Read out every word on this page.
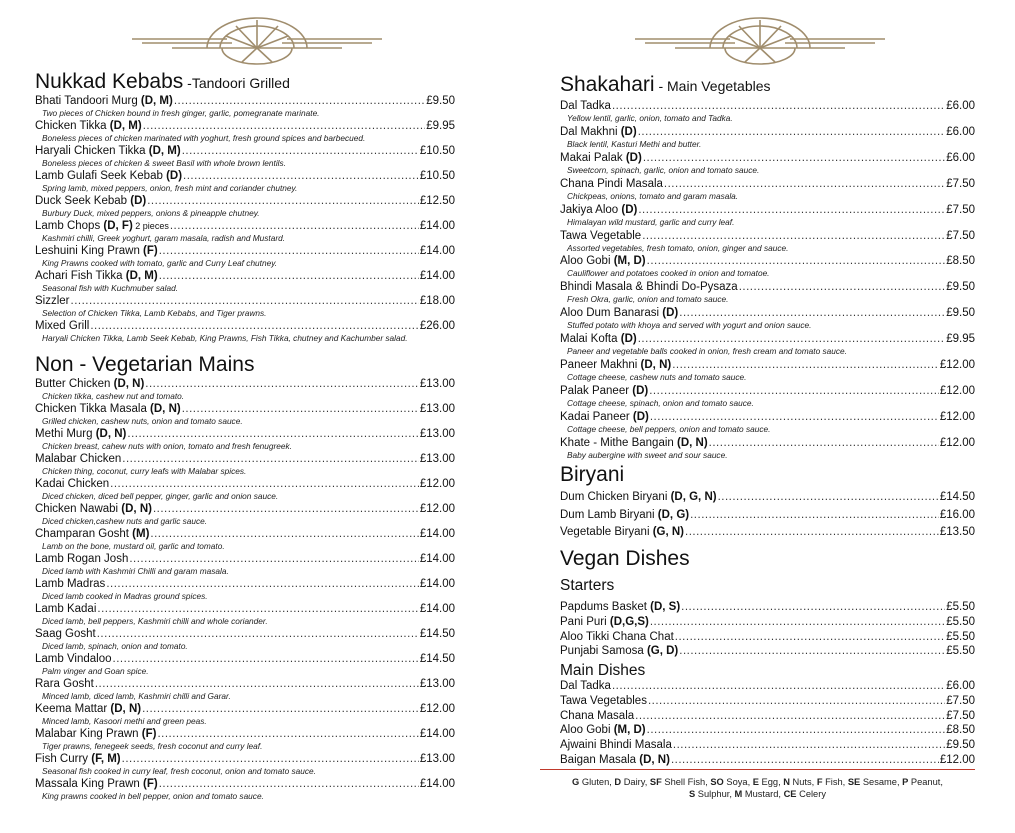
Nukkad Kebabs -Tandoori Grilled
Bhati Tandoori Murg (D, M) .....	£9.50
Two pieces of Chicken bound in fresh ginger, garlic, pomegranate marinate.
Chicken Tikka (D, M) .....	£9.95
Boneless pieces of chicken marinated with yoghurt, fresh ground spices and barbecued.
Haryali Chicken Tikka (D, M) .....	£10.50
Boneless pieces of chicken & sweet Basil with whole brown lentils.
Lamb Gulafi Seek Kebab (D) .....	£10.50
Spring lamb, mixed peppers, onion, fresh mint and coriander chutney.
Duck Seek Kebab (D) .....	£12.50
Burbury Duck, mixed peppers, onions & pineapple chutney.
Lamb Chops (D, F) 2 pieces .....	£14.00
Kashmiri chilli, Greek yoghurt, garam masala, radish and Mustard.
Leshuini King Prawn (F) .....	£14.00
King Prawns cooked with tomato, garlic and Curry Leaf chutney.
Achari Fish Tikka (D, M) .....	£14.00
Seasonal fish with Kuchmuber salad.
Sizzler .....	£18.00
Selection of Chicken Tikka, Lamb Kebabs, and Tiger prawns.
Mixed Grill .....	£26.00
Haryali Chicken Tikka, Lamb Seek Kebab, King Prawns, Fish Tikka, chutney and Kachumber salad.
Non - Vegetarian Mains
Butter Chicken (D, N) .....	£13.00
Chicken tikka, cashew nut and tomato.
Chicken Tikka Masala (D, N) .....	£13.00
Grilled chicken, cashew nuts, onion and tomato sauce.
Methi Murg (D, N) .....	£13.00
Chicken breast, cahew nuts with onion, tomato and fresh fenugreek.
Malabar Chicken .....	£13.00
Chicken thing, coconut, curry leafs with Malabar spices.
Kadai Chicken .....	£12.00
Diced chicken, diced bell pepper, ginger, garlic and onion sauce.
Chicken Nawabi (D, N) .....	£12.00
Diced chicken,cashew nuts and garlic sauce.
Champaran Gosht (M) .....	£14.00
Lamb on the bone, mustard oil, garlic and tomato.
Lamb Rogan Josh .....	£14.00
Diced lamb with Kashmiri Chilli and garam masala.
Lamb Madras .....	£14.00
Diced lamb cooked in Madras ground spices.
Lamb Kadai .....	£14.00
Diced lamb, bell peppers, Kashmiri chilli and whole coriander.
Saag Gosht .....	£14.50
Diced lamb, spinach, onion and tomato.
Lamb Vindaloo .....	£14.50
Palm vinger and Goan spice.
Rara Gosht .....	£13.00
Minced lamb, diced lamb, Kashmiri chilli and Garar.
Keema Mattar (D, N) .....	£12.00
Minced lamb, Kasoori methi and green peas.
Malabar King Prawn (F) .....	£14.00
Tiger prawns, fenegeek seeds, fresh coconut and curry leaf.
Fish Curry (F, M) .....	£13.00
Seasonal fish cooked in curry leaf, fresh coconut, onion and tomato sauce.
Massala King Prawn (F) .....	£14.00
King prawns cooked in bell pepper, onion and tomato sauce.
Shakahari - Main Vegetables
Dal Tadka .....	£6.00
Yellow lentil, garlic, onion, tomato and Tadka.
Dal Makhni (D) .....	£6.00
Black lentil, Kasturi Methi and butter.
Makai Palak (D) .....	£6.00
Sweetcorn, spinach, garlic, onion and tomato sauce.
Chana Pindi Masala .....	£7.50
Chickpeas, onions, tomato and garam masala.
Jakiya Aloo (D) .....	£7.50
Himalayan wild mustard, garlic and curry leaf.
Tawa Vegetable .....	£7.50
Assorted vegetables, fresh tomato, onion, ginger and sauce.
Aloo Gobi (M, D) .....	£8.50
Cauliflower and potatoes cooked in onion and tomatoe.
Bhindi Masala & Bhindi Do-Pysaza .....	£9.50
Fresh Okra, garlic, onion and tomato sauce.
Aloo Dum Banarasi (D) .....	£9.50
Stuffed potato with khoya and served with yogurt and onion sauce.
Malai Kofta (D) .....	£9.95
Paneer and vegetable balls cooked in onion, fresh cream and tomato sauce.
Paneer Makhni (D, N) .....	£12.00
Cottage cheese, cashew nuts and tomato sauce.
Palak Paneer (D) .....	£12.00
Cottage cheese, spinach, onion and tomato sauce.
Kadai Paneer (D) .....	£12.00
Cottage cheese, bell peppers, onion and tomato sauce.
Khate - Mithe Bangain (D, N) .....	£12.00
Baby aubergine with sweet and sour sauce.
Biryani
Dum Chicken Biryani (D, G, N) .....	£14.50
Dum Lamb Biryani (D, G) .....	£16.00
Vegetable Biryani (G, N) .....	£13.50
Vegan Dishes
Starters
Papdums Basket (D, S) .....	£5.50
Pani Puri (D,G,S) .....	£5.50
Aloo Tikki Chana Chat .....	£5.50
Punjabi Samosa (G, D) .....	£5.50
Main Dishes
Dal Tadka .....	£6.00
Tawa Vegetables .....	£7.50
Chana Masala .....	£7.50
Aloo Gobi (M, D) .....	£8.50
Ajwaini Bhindi Masala .....	£9.50
Baigan Masala (D, N) .....	£12.00
G Gluten, D Dairy, SF Shell Fish, SO Soya, E Egg, N Nuts, F Fish, SE Sesame, P Peanut,
S Sulphur, M Mustard, CE Celery
